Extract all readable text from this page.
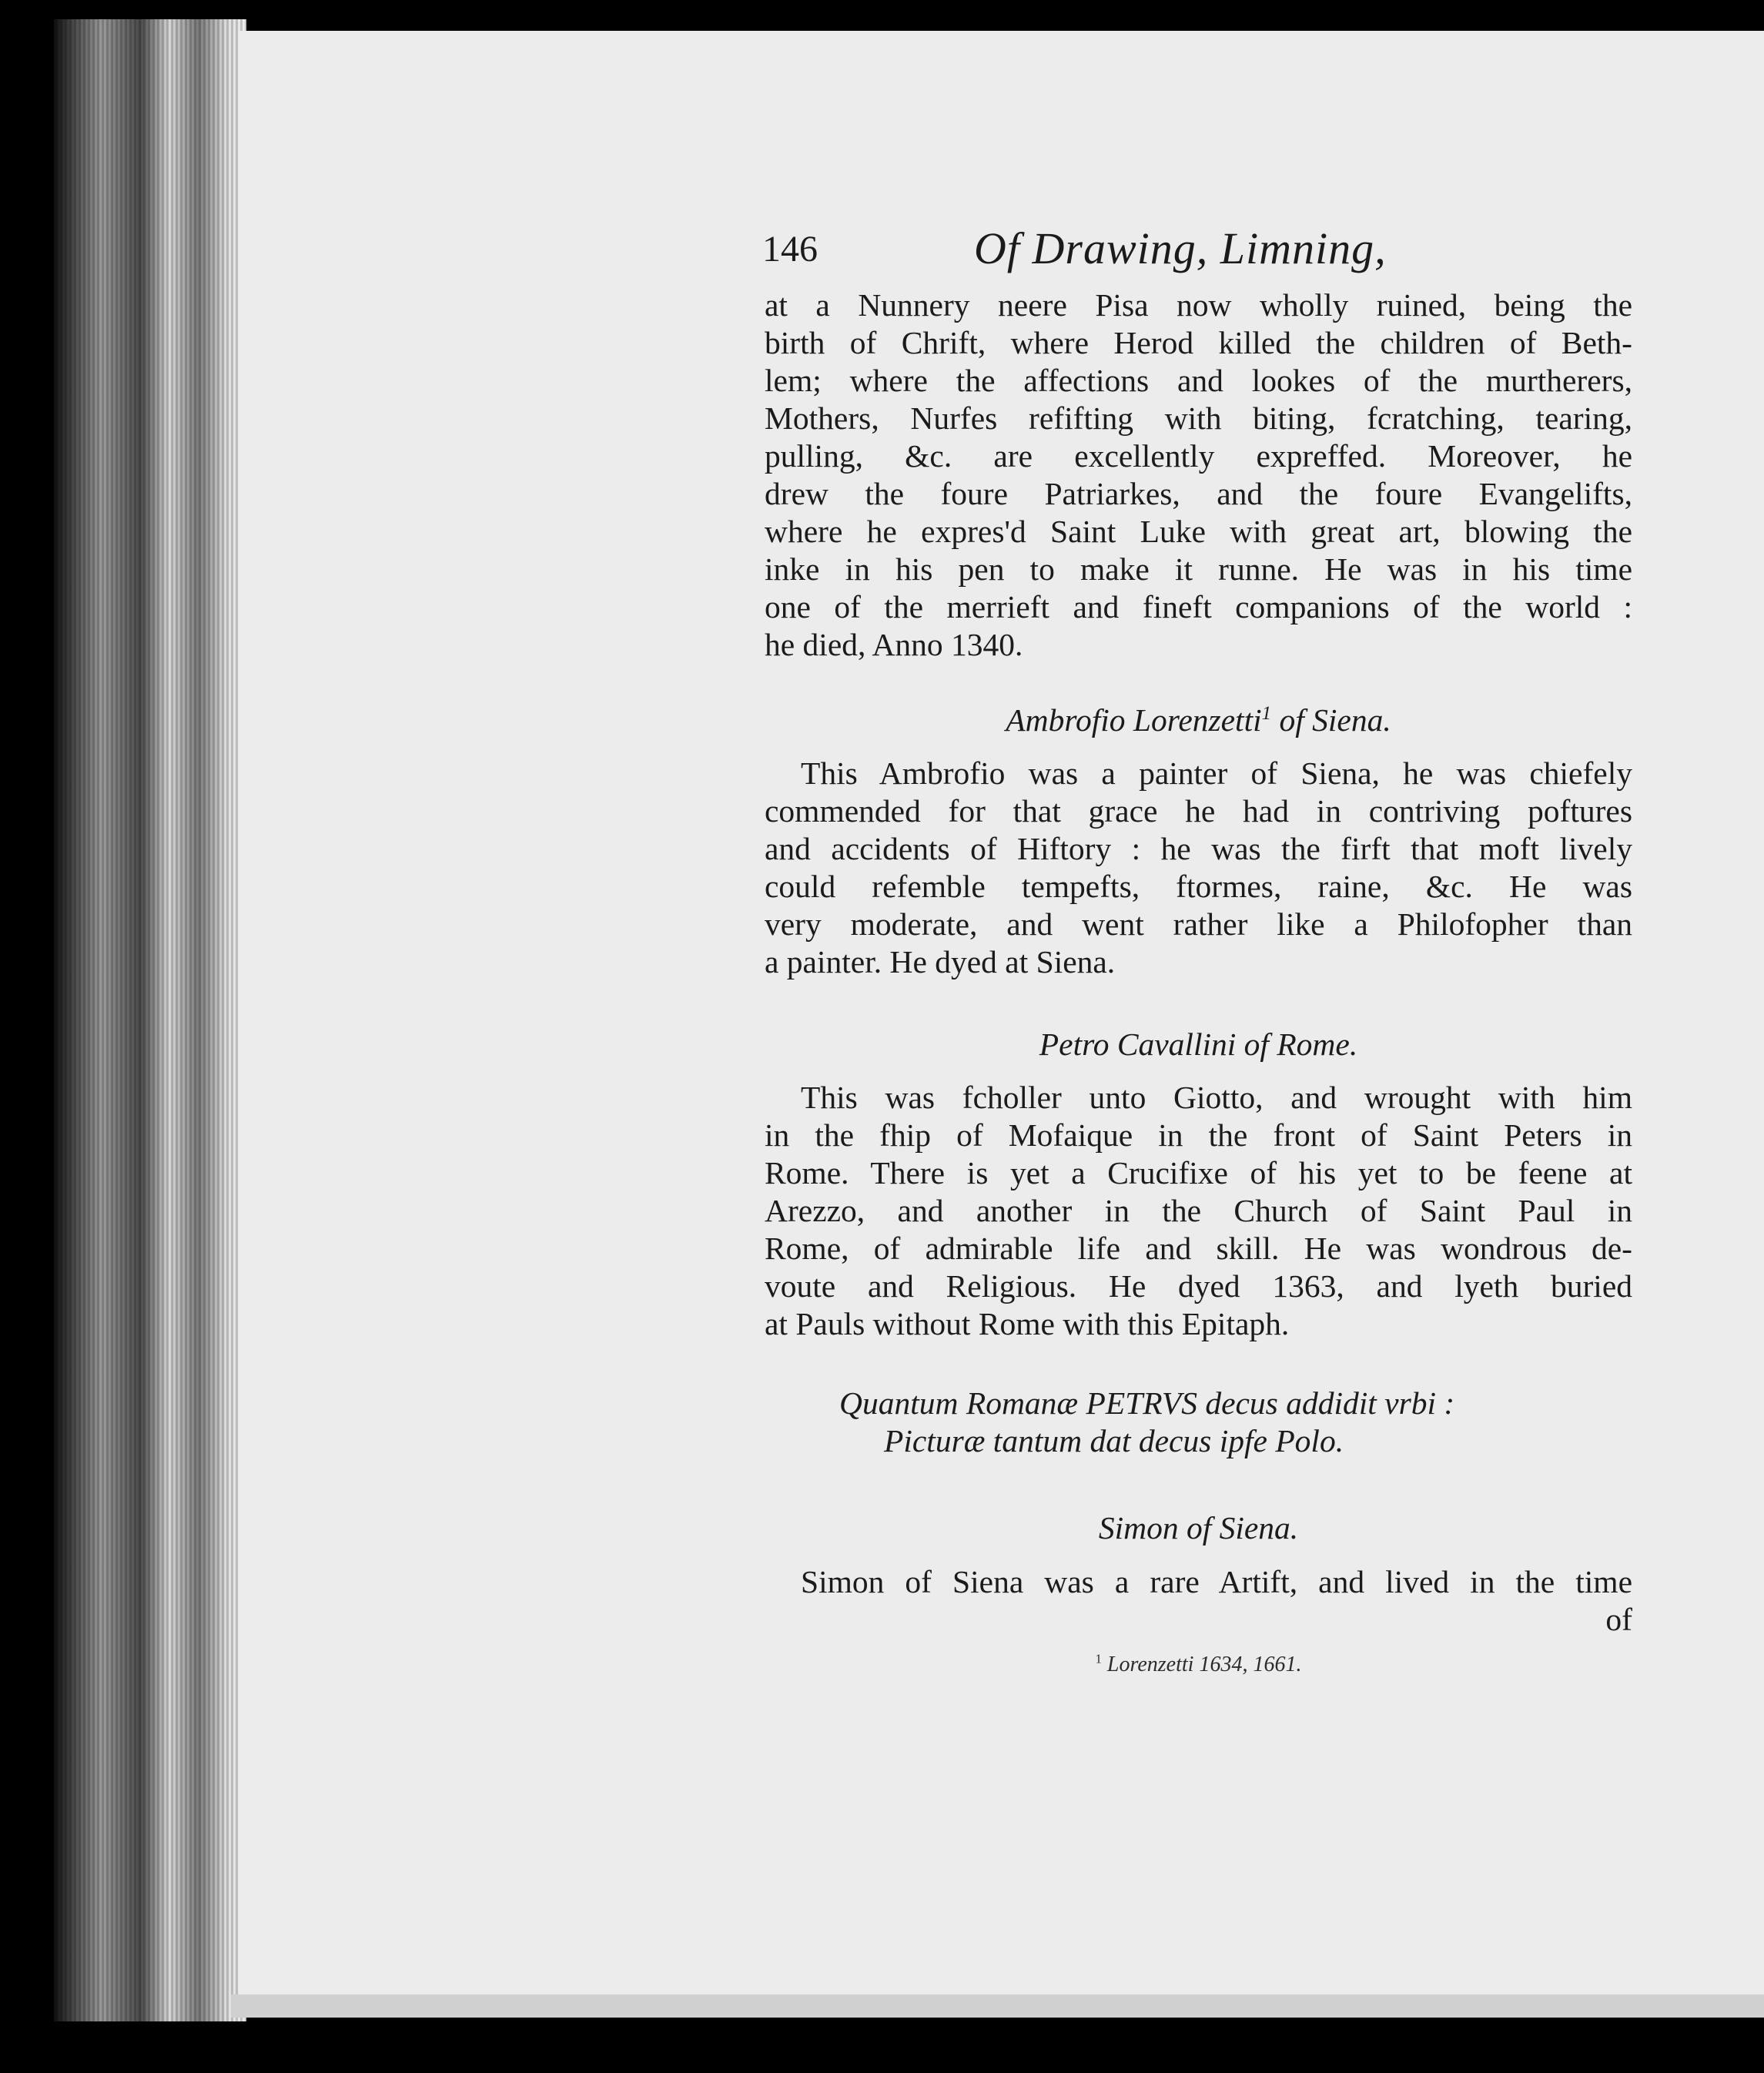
146	Of Drawing, Limning,
at a Nunnery neere Pisa now wholly ruined, being the
birth of Chrift, where Herod killed the children of Beth-
lem; where the affections and lookes of the murtherers,
Mothers, Nurfes refifting with biting, fcratching, tearing,
pulling, &c. are excellently expreffed. Moreover, he
drew the foure Patriarkes, and the foure Evangelifts,
where he expres'd Saint Luke with great art, blowing the
inke in his pen to make it runne. He was in his time
one of the merrieft and fineft companions of the world :
he died, Anno 1340.
Ambrofio Lorenzetti$^1$ of Siena.
This Ambrofio was a painter of Siena, he was chiefely
commended for that grace he had in contriving poftures
and accidents of Hiftory : he was the firft that moft lively
could refemble tempefts, ftormes, raine, &c. He was
very moderate, and went rather like a Philofopher than
a painter. He dyed at Siena.
Petro Cavallini of Rome.
This was fcholler unto Giotto, and wrought with him
in the fhip of Mofaique in the front of Saint Peters in
Rome. There is yet a Crucifixe of his yet to be feene at
Arezzo, and another in the Church of Saint Paul in
Rome, of admirable life and skill. He was wondrous de-
voute and Religious. He dyed 1363, and lyeth buried
at Pauls without Rome with this Epitaph.
Quantum Romanæ PETRVS decus addidit vrbi :
Picturæ tantum dat decus ipfe Polo.
Simon of Siena.
Simon of Siena was a rare Artift, and lived in the time
of
$^1$ Lorenzetti 1634, 1661.
